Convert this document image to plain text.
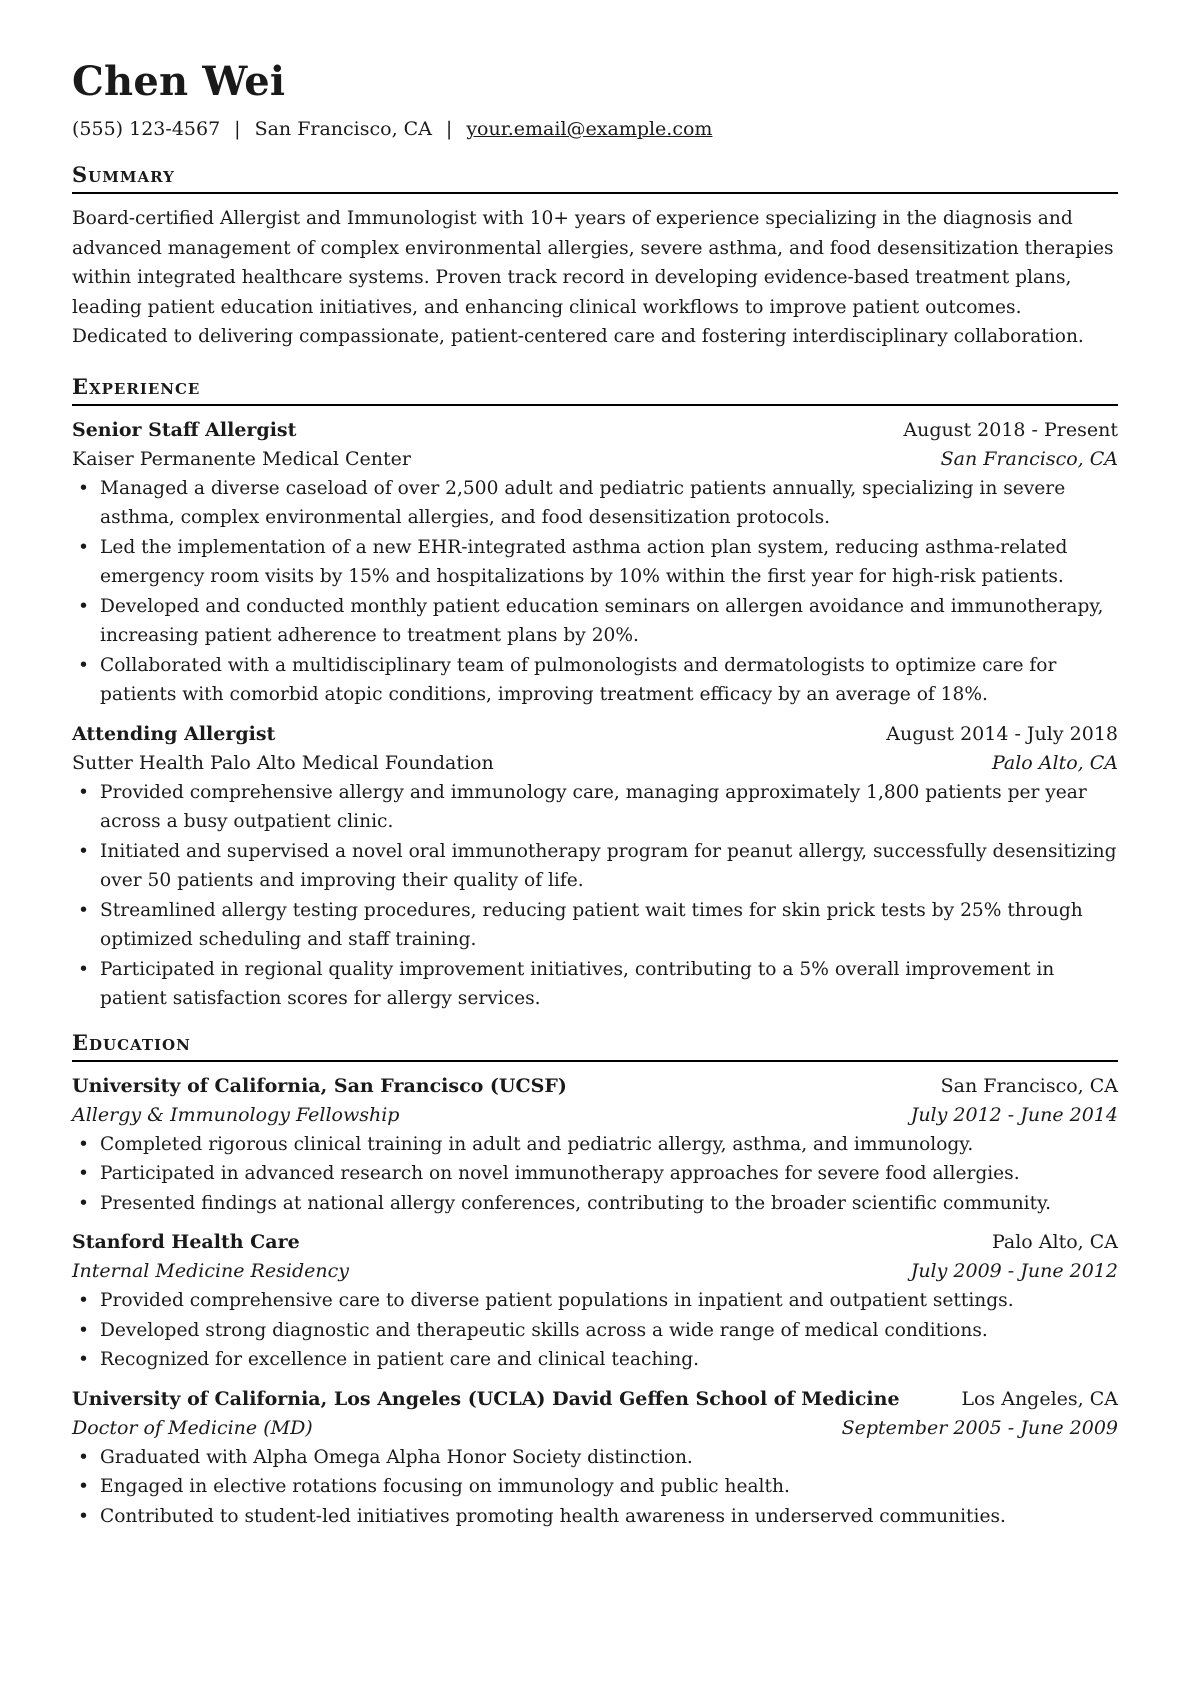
Chen Wei
(555) 123-4567 | San Francisco, CA | your.email@example.com
Summary
Board-certified Allergist and Immunologist with 10+ years of experience specializing in the diagnosis and advanced management of complex environmental allergies, severe asthma, and food desensitization therapies within integrated healthcare systems. Proven track record in developing evidence-based treatment plans, leading patient education initiatives, and enhancing clinical workflows to improve patient outcomes. Dedicated to delivering compassionate, patient-centered care and fostering interdisciplinary collaboration.
Experience
Senior Staff Allergist	August 2018 - Present
Kaiser Permanente Medical Center	San Francisco, CA
• Managed a diverse caseload of over 2,500 adult and pediatric patients annually, specializing in severe asthma, complex environmental allergies, and food desensitization protocols.
• Led the implementation of a new EHR-integrated asthma action plan system, reducing asthma-related emergency room visits by 15% and hospitalizations by 10% within the first year for high-risk patients.
• Developed and conducted monthly patient education seminars on allergen avoidance and immunotherapy, increasing patient adherence to treatment plans by 20%.
• Collaborated with a multidisciplinary team of pulmonologists and dermatologists to optimize care for patients with comorbid atopic conditions, improving treatment efficacy by an average of 18%.
Attending Allergist	August 2014 - July 2018
Sutter Health Palo Alto Medical Foundation	Palo Alto, CA
• Provided comprehensive allergy and immunology care, managing approximately 1,800 patients per year across a busy outpatient clinic.
• Initiated and supervised a novel oral immunotherapy program for peanut allergy, successfully desensitizing over 50 patients and improving their quality of life.
• Streamlined allergy testing procedures, reducing patient wait times for skin prick tests by 25% through optimized scheduling and staff training.
• Participated in regional quality improvement initiatives, contributing to a 5% overall improvement in patient satisfaction scores for allergy services.
Education
University of California, San Francisco (UCSF)	San Francisco, CA
Allergy & Immunology Fellowship	July 2012 - June 2014
• Completed rigorous clinical training in adult and pediatric allergy, asthma, and immunology.
• Participated in advanced research on novel immunotherapy approaches for severe food allergies.
• Presented findings at national allergy conferences, contributing to the broader scientific community.
Stanford Health Care	Palo Alto, CA
Internal Medicine Residency	July 2009 - June 2012
• Provided comprehensive care to diverse patient populations in inpatient and outpatient settings.
• Developed strong diagnostic and therapeutic skills across a wide range of medical conditions.
• Recognized for excellence in patient care and clinical teaching.
University of California, Los Angeles (UCLA) David Geffen School of Medicine	Los Angeles, CA
Doctor of Medicine (MD)	September 2005 - June 2009
• Graduated with Alpha Omega Alpha Honor Society distinction.
• Engaged in elective rotations focusing on immunology and public health.
• Contributed to student-led initiatives promoting health awareness in underserved communities.
